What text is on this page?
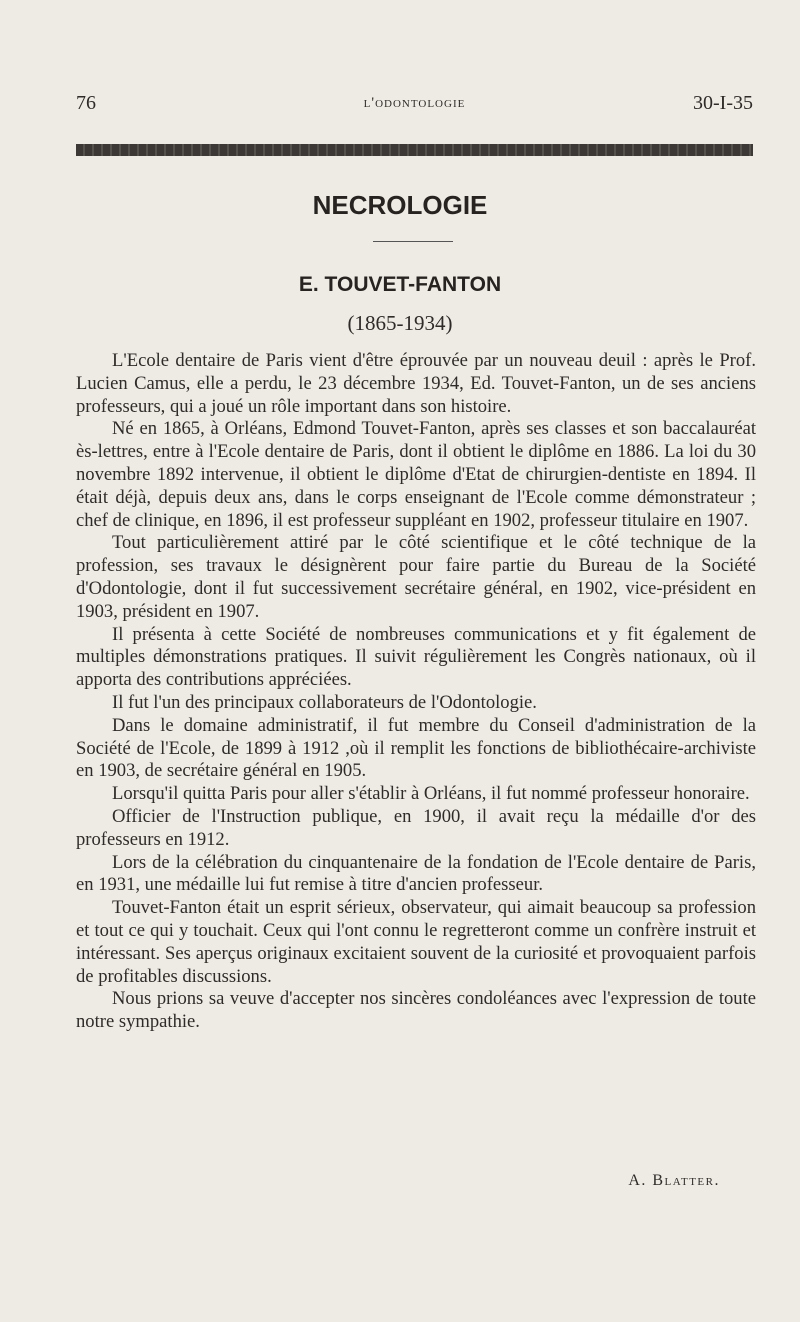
76	l'odontologie	30-I-35
NECROLOGIE
E. TOUVET-FANTON
(1865-1934)

L'Ecole dentaire de Paris vient d'être éprouvée par un nouveau deuil : après le Prof. Lucien Camus, elle a perdu, le 23 décembre 1934, Ed. Touvet-Fanton, un de ses anciens professeurs, qui a joué un rôle important dans son histoire.

Né en 1865, à Orléans, Edmond Touvet-Fanton, après ses classes et son baccalauréat ès-lettres, entre à l'Ecole dentaire de Paris, dont il obtient le diplôme en 1886. La loi du 30 novembre 1892 intervenue, il obtient le diplôme d'Etat de chirurgien-dentiste en 1894. Il était déjà, depuis deux ans, dans le corps enseignant de l'Ecole comme démonstrateur ; chef de clinique, en 1896, il est professeur suppléant en 1902, professeur titulaire en 1907.

Tout particulièrement attiré par le côté scientifique et le côté technique de la profession, ses travaux le désignèrent pour faire partie du Bureau de la Société d'Odontologie, dont il fut successivement secrétaire général, en 1902, vice-président en 1903, président en 1907.

Il présenta à cette Société de nombreuses communications et y fit également de multiples démonstrations pratiques. Il suivit régulièrement les Congrès nationaux, où il apporta des contributions appréciées.

Il fut l'un des principaux collaborateurs de l'Odontologie.

Dans le domaine administratif, il fut membre du Conseil d'administration de la Société de l'Ecole, de 1899 à 1912 ,où il remplit les fonctions de bibliothécaire-archiviste en 1903, de secrétaire général en 1905.

Lorsqu'il quitta Paris pour aller s'établir à Orléans, il fut nommé professeur honoraire.

Officier de l'Instruction publique, en 1900, il avait reçu la médaille d'or des professeurs en 1912.

Lors de la célébration du cinquantenaire de la fondation de l'Ecole dentaire de Paris, en 1931, une médaille lui fut remise à titre d'ancien professeur.

Touvet-Fanton était un esprit sérieux, observateur, qui aimait beaucoup sa profession et tout ce qui y touchait. Ceux qui l'ont connu le regretteront comme un confrère instruit et intéressant. Ses aperçus originaux excitaient souvent de la curiosité et provoquaient parfois de profitables discussions.

Nous prions sa veuve d'accepter nos sincères condoléances avec l'expression de toute notre sympathie.

A. Blatter.
